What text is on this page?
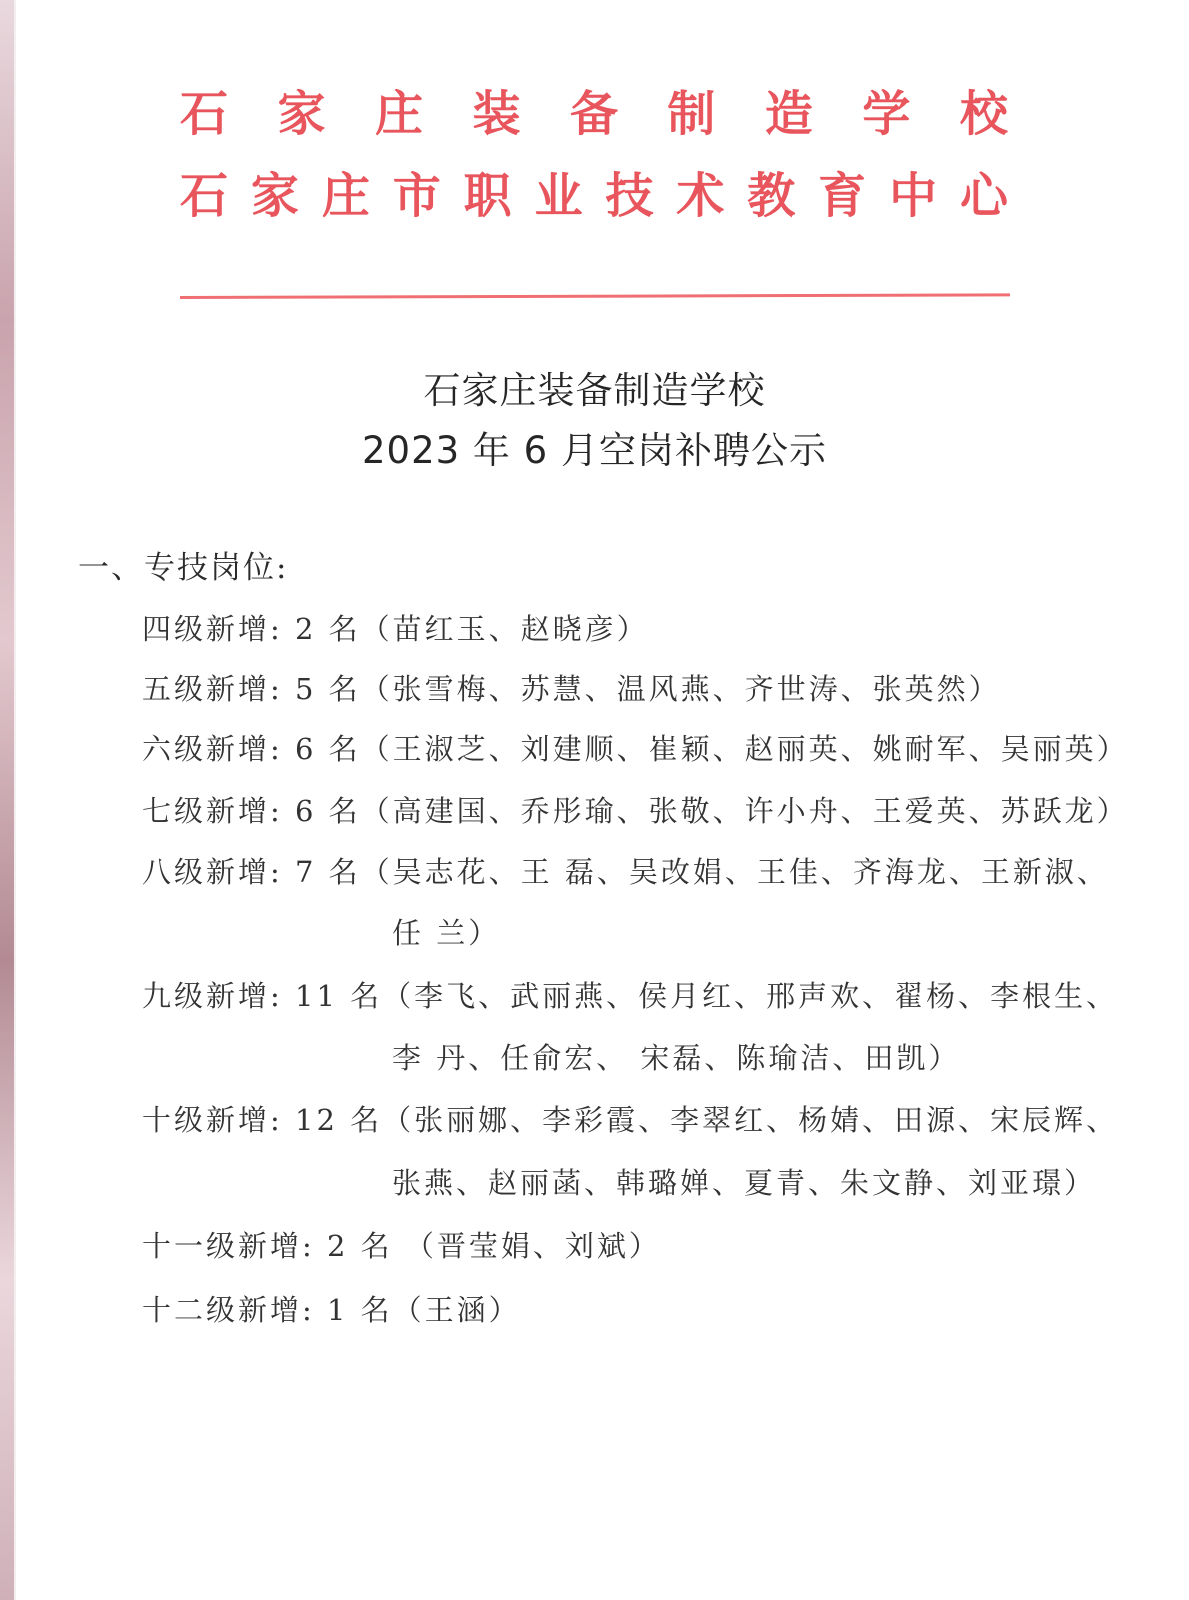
石 家 庄 装 备 制 造 学 校
石 家 庄 市 职 业 技 术 教 育 中 心
石家庄装备制造学校
2023 年 6 月空岗补聘公示
一、专技岗位:
四级新增: 2 名（苗红玉、赵晓彦）
五级新增: 5 名（张雪梅、苏慧、温风燕、齐世涛、张英然）
六级新增: 6 名（王淑芝、刘建顺、崔颖、赵丽英、姚耐军、吴丽英）
七级新增: 6 名（高建国、乔彤瑜、张敬、许小舟、王爱英、苏跃龙）
八级新增: 7 名（吴志花、王 磊、吴改娟、王佳、齐海龙、王新淑、
任 兰）
九级新增: 11 名（李飞、武丽燕、侯月红、邢声欢、翟杨、李根生、
李 丹、任俞宏、 宋磊、陈瑜洁、田凯）
十级新增: 12 名（张丽娜、李彩霞、李翠红、杨婧、田源、宋辰辉、
张燕、赵丽菡、韩璐婵、夏青、朱文静、刘亚璟）
十一级新增: 2 名 （晋莹娟、刘斌）
十二级新增: 1 名（王涵）
